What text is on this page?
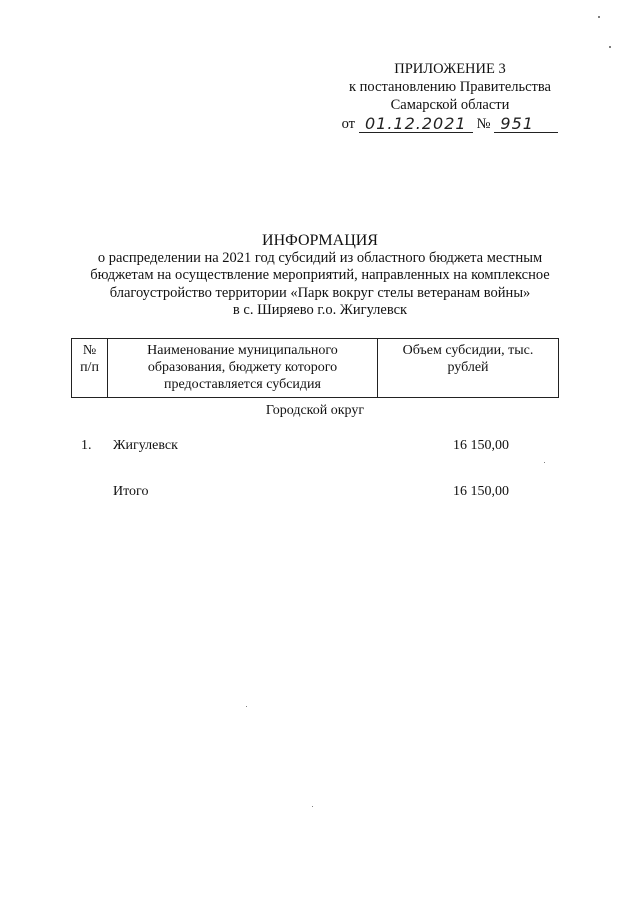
ПРИЛОЖЕНИЕ 3
к постановлению Правительства
Самарской области
от 01.12.2021 № 951
ИНФОРМАЦИЯ
о распределении на 2021 год субсидий из областного бюджета местным
бюджетам на осуществление мероприятий, направленных на комплексное
благоустройство территории «Парк вокруг стелы ветеранам войны»
в с. Ширяево г.о. Жигулевск
№ п/п	Наименование муниципального образования, бюджету которого предоставляется субсидия	Объем субсидии, тыс. рублей
Городской округ
1. Жигулевск	16 150,00
Итого	16 150,00
